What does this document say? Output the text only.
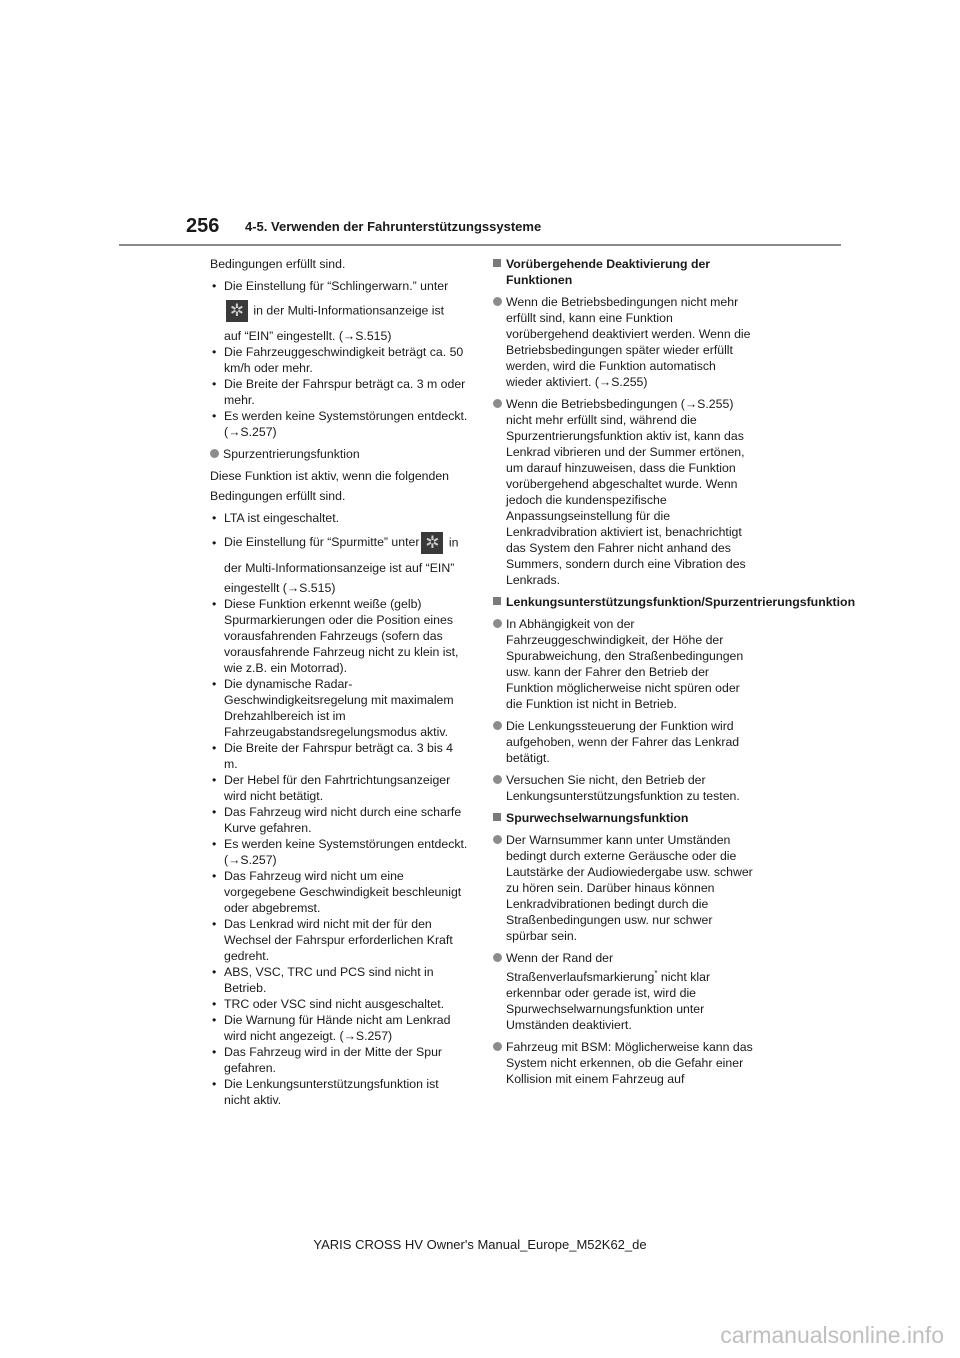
256 4-5. Verwenden der Fahrunterstützungssysteme

Bedingungen erfüllt sind.

• Die Einstellung für “Schlingerwarn.” unter
✲ in der Multi-Informationsanzeige ist
auf “EIN” eingestellt. (→S.515)
• Die Fahrzeuggeschwindigkeit beträgt ca. 50 km/h oder mehr.
• Die Breite der Fahrspur beträgt ca. 3 m oder mehr.
• Es werden keine Systemstörungen entdeckt. (→S.257)
Spurzentrierungsfunktion

Diese Funktion ist aktiv, wenn die folgenden

Bedingungen erfüllt sind.

• LTA ist eingeschaltet.
• Die Einstellung für “Spurmitte” unter✲ in
der Multi-Informationsanzeige ist auf “EIN”
eingestellt (→S.515)
• Diese Funktion erkennt weiße (gelb) Spurmarkierungen oder die Position eines vorausfahrenden Fahrzeugs (sofern das vorausfahrende Fahrzeug nicht zu klein ist, wie z.B. ein Motorrad).
• Die dynamische Radar-Geschwindigkeitsregelung mit maximalem Drehzahlbereich ist im Fahrzeugabstandsregelungsmodus aktiv.
• Die Breite der Fahrspur beträgt ca. 3 bis 4 m.
• Der Hebel für den Fahrtrichtungsanzeiger wird nicht betätigt.
• Das Fahrzeug wird nicht durch eine scharfe Kurve gefahren.
• Es werden keine Systemstörungen entdeckt. (→S.257)
• Das Fahrzeug wird nicht um eine vorgegebene Geschwindigkeit beschleunigt oder abgebremst.
• Das Lenkrad wird nicht mit der für den Wechsel der Fahrspur erforderlichen Kraft gedreht.
• ABS, VSC, TRC und PCS sind nicht in Betrieb.
• TRC oder VSC sind nicht ausgeschaltet.
• Die Warnung für Hände nicht am Lenkrad wird nicht angezeigt. (→S.257)
• Das Fahrzeug wird in der Mitte der Spur gefahren.
• Die Lenkungsunterstützungsfunktion ist nicht aktiv.
Vorübergehende Deaktivierung der Funktionen
Wenn die Betriebsbedingungen nicht mehr erfüllt sind, kann eine Funktion vorübergehend deaktiviert werden. Wenn die Betriebsbedingungen später wieder erfüllt werden, wird die Funktion automatisch wieder aktiviert. (→S.255)
Wenn die Betriebsbedingungen (→S.255) nicht mehr erfüllt sind, während die Spurzentrierungsfunktion aktiv ist, kann das Lenkrad vibrieren und der Summer ertönen, um darauf hinzuweisen, dass die Funktion vorübergehend abgeschaltet wurde. Wenn jedoch die kundenspezifische Anpassungseinstellung für die Lenkradvibration aktiviert ist, benachrichtigt das System den Fahrer nicht anhand des Summers, sondern durch eine Vibration des Lenkrads.
Lenkungsunterstützungsfunktion/Spurzentrierungsfunktion
In Abhängigkeit von der Fahrzeuggeschwindigkeit, der Höhe der Spurabweichung, den Straßenbedingungen usw. kann der Fahrer den Betrieb der Funktion möglicherweise nicht spüren oder die Funktion ist nicht in Betrieb.
Die Lenkungssteuerung der Funktion wird aufgehoben, wenn der Fahrer das Lenkrad betätigt.
Versuchen Sie nicht, den Betrieb der Lenkungsunterstützungsfunktion zu testen.
Spurwechselwarnungsfunktion
Der Warnsummer kann unter Umständen bedingt durch externe Geräusche oder die Lautstärke der Audiowiedergabe usw. schwer zu hören sein. Darüber hinaus können Lenkradvibrationen bedingt durch die Straßenbedingungen usw. nur schwer spürbar sein.
Wenn der Rand der Straßenverlaufsmarkierung* nicht klar erkennbar oder gerade ist, wird die Spurwechselwarnungsfunktion unter Umständen deaktiviert.
Fahrzeug mit BSM: Möglicherweise kann das System nicht erkennen, ob die Gefahr einer Kollision mit einem Fahrzeug auf
YARIS CROSS HV Owner's Manual_Europe_M52K62_de
carmanualsonline.info
